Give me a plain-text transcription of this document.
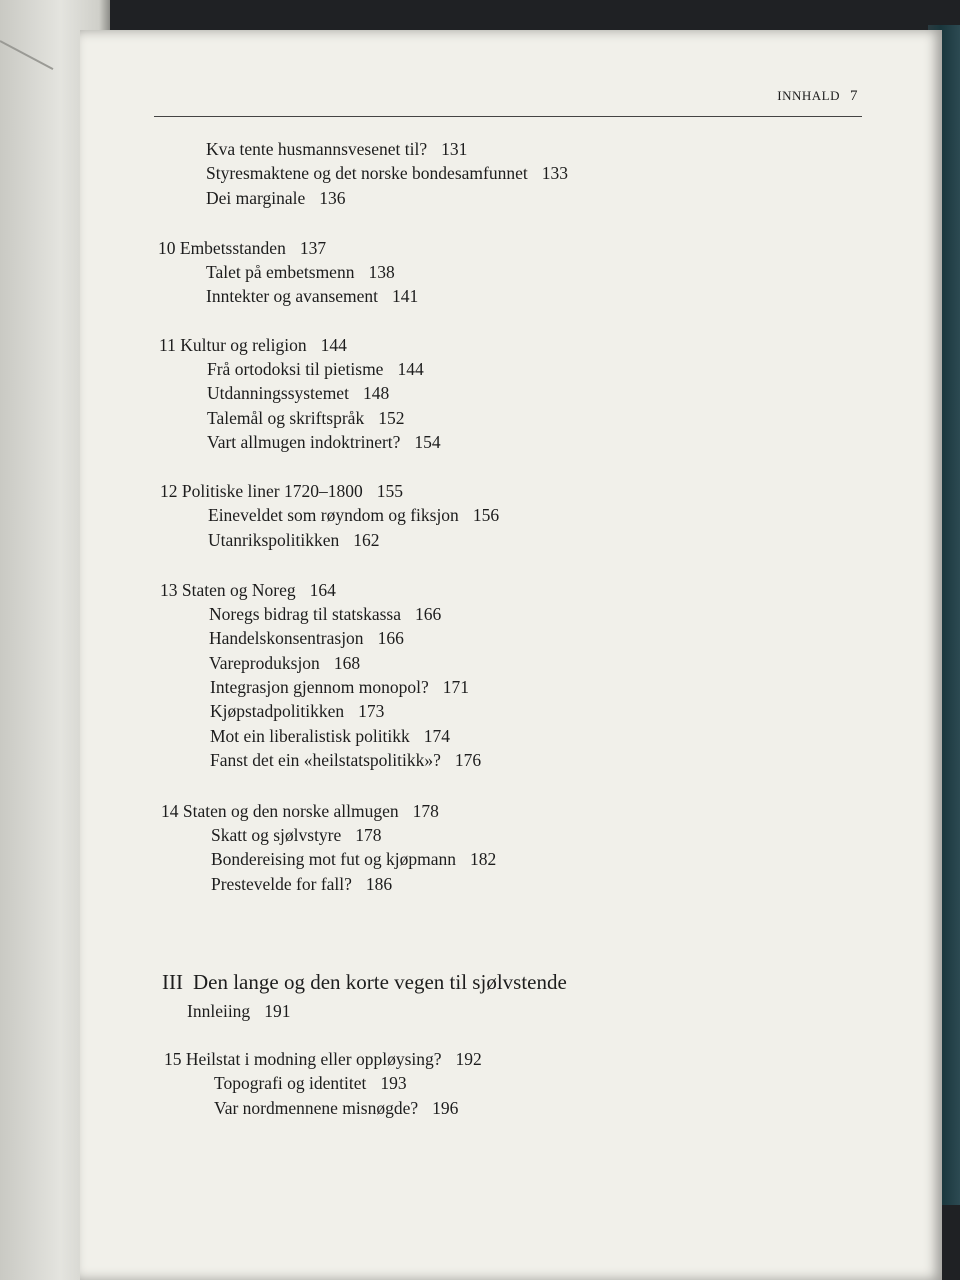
INNHALD 7
Kva tente husmannsvesenet til? 131
Styresmaktene og det norske bondesamfunnet 133
Dei marginale 136
10 Embetsstanden 137
Talet på embetsmenn 138
Inntekter og avansement 141
11 Kultur og religion 144
Frå ortodoksi til pietisme 144
Utdanningssystemet 148
Talemål og skriftspråk 152
Vart allmugen indoktrinert? 154
12 Politiske liner 1720–1800 155
Eineveldet som røyndom og fiksjon 156
Utanrikspolitikken 162
13 Staten og Noreg 164
Noregs bidrag til statskassa 166
Handelskonsentrasjon 166
Vareproduksjon 168
Integrasjon gjennom monopol? 171
Kjøpstadpolitikken 173
Mot ein liberalistisk politikk 174
Fanst det ein «heilstatspolitikk»? 176
14 Staten og den norske allmugen 178
Skatt og sjølvstyre 178
Bondereising mot fut og kjøpmann 182
Prestevelde for fall? 186
III Den lange og den korte vegen til sjølvstende
Innleiing 191
15 Heilstat i modning eller oppløysing? 192
Topografi og identitet 193
Var nordmennene misnøgde? 196
